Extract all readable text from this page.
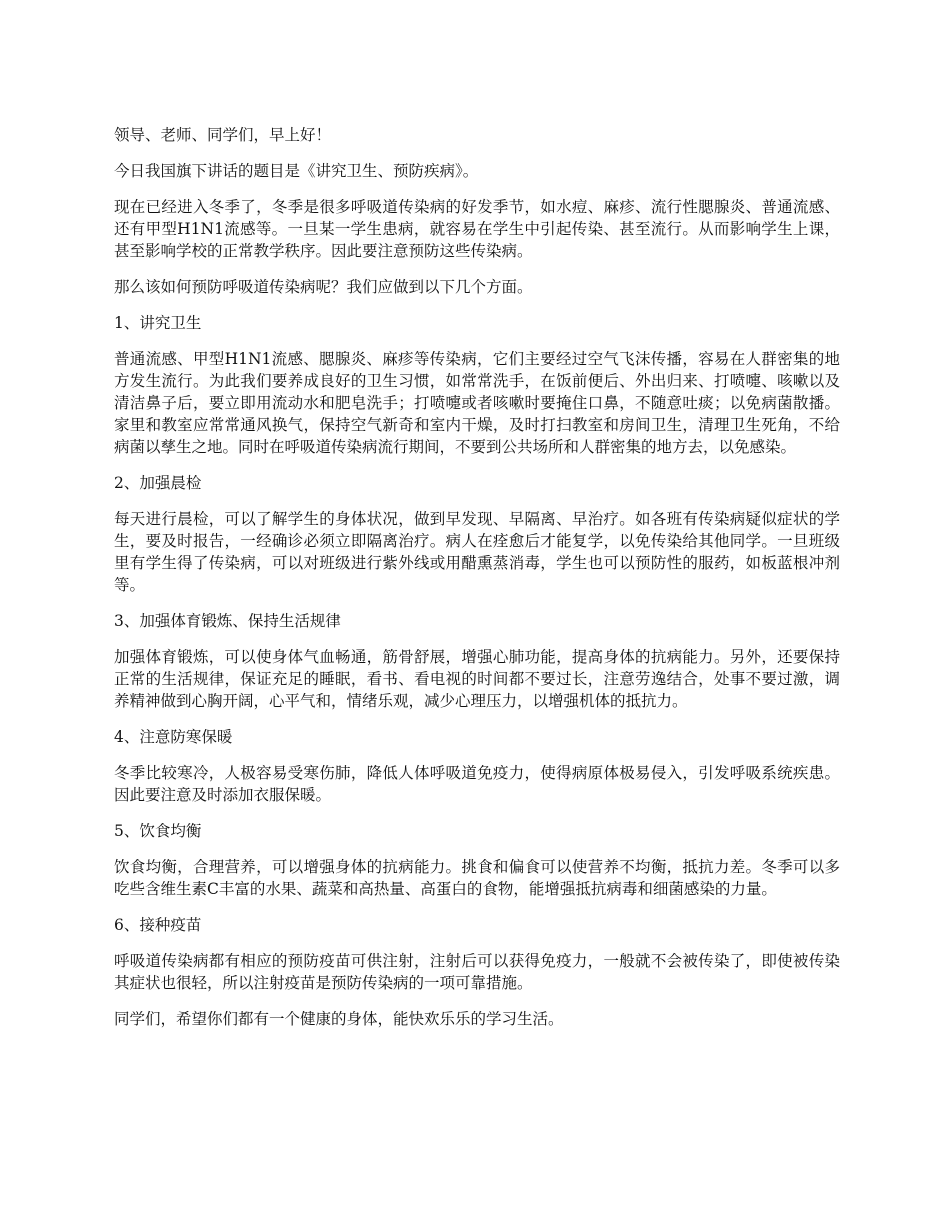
领导、老师、同学们，早上好！

今日我国旗下讲话的题目是《讲究卫生、预防疾病》。

现在已经进入冬季了，冬季是很多呼吸道传染病的好发季节，如水痘、麻疹、流行性腮腺炎、普通流感、还有甲型H1N1流感等。一旦某一学生患病，就容易在学生中引起传染、甚至流行。从而影响学生上课，甚至影响学校的正常教学秩序。因此要注意预防这些传染病。

那么该如何预防呼吸道传染病呢？我们应做到以下几个方面。

1、讲究卫生

普通流感、甲型H1N1流感、腮腺炎、麻疹等传染病，它们主要经过空气飞沫传播，容易在人群密集的地方发生流行。为此我们要养成良好的卫生习惯，如常常洗手，在饭前便后、外出归来、打喷嚏、咳嗽以及清洁鼻子后，要立即用流动水和肥皂洗手；打喷嚏或者咳嗽时要掩住口鼻，不随意吐痰；以免病菌散播。家里和教室应常常通风换气，保持空气新奇和室内干燥，及时打扫教室和房间卫生，清理卫生死角，不给病菌以孳生之地。同时在呼吸道传染病流行期间，不要到公共场所和人群密集的地方去，以免感染。

2、加强晨检

每天进行晨检，可以了解学生的身体状况，做到早发现、早隔离、早治疗。如各班有传染病疑似症状的学生，要及时报告，一经确诊必须立即隔离治疗。病人在痊愈后才能复学，以免传染给其他同学。一旦班级里有学生得了传染病，可以对班级进行紫外线或用醋熏蒸消毒，学生也可以预防性的服药，如板蓝根冲剂等。

3、加强体育锻炼、保持生活规律

加强体育锻炼，可以使身体气血畅通，筋骨舒展，增强心肺功能，提高身体的抗病能力。另外，还要保持正常的生活规律，保证充足的睡眠，看书、看电视的时间都不要过长，注意劳逸结合，处事不要过激，调养精神做到心胸开阔，心平气和，情绪乐观，减少心理压力，以增强机体的抵抗力。

4、注意防寒保暖

冬季比较寒冷，人极容易受寒伤肺，降低人体呼吸道免疫力，使得病原体极易侵入，引发呼吸系统疾患。因此要注意及时添加衣服保暖。

5、饮食均衡

饮食均衡，合理营养，可以增强身体的抗病能力。挑食和偏食可以使营养不均衡，抵抗力差。冬季可以多吃些含维生素C丰富的水果、蔬菜和高热量、高蛋白的食物，能增强抵抗病毒和细菌感染的力量。

6、接种疫苗

呼吸道传染病都有相应的预防疫苗可供注射，注射后可以获得免疫力，一般就不会被传染了，即使被传染其症状也很轻，所以注射疫苗是预防传染病的一项可靠措施。

同学们，希望你们都有一个健康的身体，能快欢乐乐的学习生活。
